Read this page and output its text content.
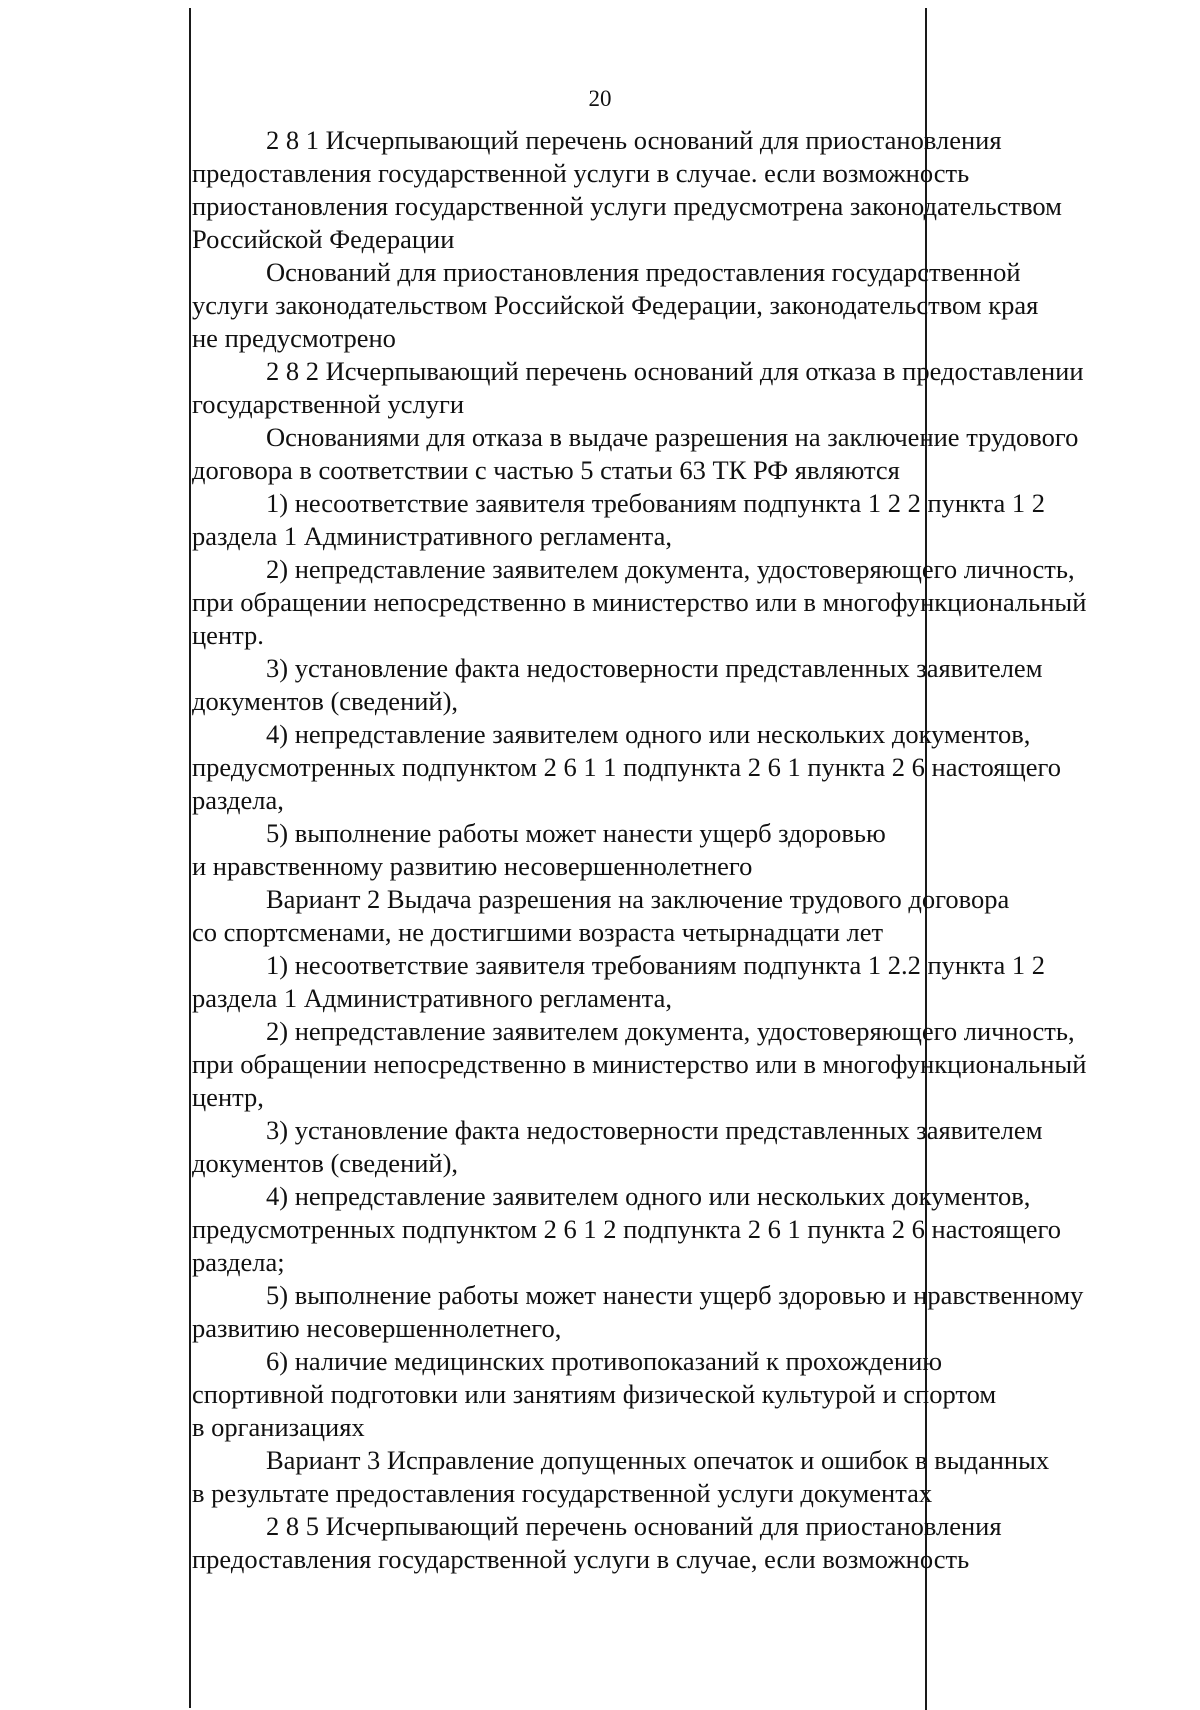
20

2 8 1 Исчерпывающий перечень оснований для приостановления
предоставления государственной услуги в случае. если возможность
приостановления государственной услуги предусмотрена законодательством
Российской Федерации

Оснований для приостановления предоставления государственной
услуги законодательством Российской Федерации, законодательством края
не предусмотрено

2 8 2 Исчерпывающий перечень оснований для отказа в предоставлении
государственной услуги

Основаниями для отказа в выдаче разрешения на заключение трудового
договора в соответствии с частью 5 статьи 63 ТК РФ являются

1) несоответствие заявителя требованиям подпункта 1 2 2 пункта 1 2
раздела 1 Административного регламента,

2) непредставление заявителем документа, удостоверяющего личность,
при обращении непосредственно в министерство или в многофункциональный
центр.

3) установление факта недостоверности представленных заявителем
документов (сведений),

4) непредставление заявителем одного или нескольких документов,
предусмотренных подпунктом 2 6 1 1 подпункта 2 6 1 пункта 2 6 настоящего
раздела,

5) выполнение работы может нанести ущерб здоровью
и нравственному развитию несовершеннолетнего

Вариант 2 Выдача разрешения на заключение трудового договора
со спортсменами, не достигшими возраста четырнадцати лет

1) несоответствие заявителя требованиям подпункта 1 2.2 пункта 1 2
раздела 1 Административного регламента,

2) непредставление заявителем документа, удостоверяющего личность,
при обращении непосредственно в министерство или в многофункциональный
центр,

3) установление факта недостоверности представленных заявителем
документов (сведений),

4) непредставление заявителем одного или нескольких документов,
предусмотренных подпунктом 2 6 1 2 подпункта 2 6 1 пункта 2 6 настоящего
раздела;

5) выполнение работы может нанести ущерб здоровью и нравственному
развитию несовершеннолетнего,

6) наличие медицинских противопоказаний к прохождению
спортивной подготовки или занятиям физической культурой и спортом
в организациях

Вариант 3 Исправление допущенных опечаток и ошибок в выданных
в результате предоставления государственной услуги документах

2 8 5 Исчерпывающий перечень оснований для приостановления
предоставления государственной услуги в случае, если возможность
